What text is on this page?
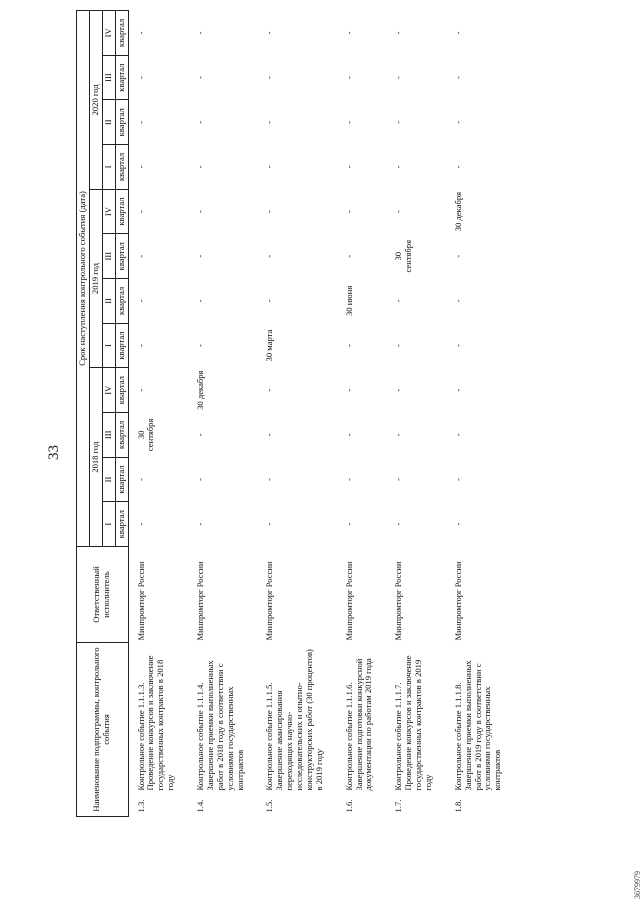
33
Наименование подпрограммы, контрольного события		Ответственный исполнитель	Срок наступления контрольного события (дата)											
			2018 год				2019 год				2020 год			
			I	II	III	IV	I	II	III	IV	I	II	III	IV
			квартал	квартал	квартал	квартал	квартал	квартал	квартал	квартал	квартал	квартал	квартал	квартал
1.3.	Контрольное событие 1.1.1.3. Проведение конкурсов и заключение государственных контрактов в 2018 году	Минпромторг России	-	-	30 сентября	-	-	-	-	-	-	-	-	-
1.4.	Контрольное событие 1.1.1.4. Завершение приемки выполненных работ в 2018 году в соответствии с условиями государственных контрактов	Минпромторг России	-	-	-	30 декабря	-	-	-	-	-	-	-	-
1.5.	Контрольное событие 1.1.1.5. Завершение авансирования переходящих научно-исследовательских и опытно-конструкторских работ (30 процентов) в 2019 году	Минпромторг России	-	-	-	-	30 марта	-	-	-	-	-	-	-
1.6.	Контрольное событие 1.1.1.6. Завершение подготовки конкурсной документации по работам 2019 года	Минпромторг России	-	-	-	-	-	30 июня	-	-	-	-	-	-
1.7.	Контрольное событие 1.1.1.7. Проведение конкурсов и заключение государственных контрактов в 2019 году	Минпромторг России	-	-	-	-	-	-	30 сентября	-	-	-	-	-
1.8.	Контрольное событие 1.1.1.8. Завершение приемки выполненных работ в 2019 году в соответствии с условиями государственных контрактов	Минпромторг России	-	-	-	-	-	-	-	30 декабря	-	-	-	-
3679979
